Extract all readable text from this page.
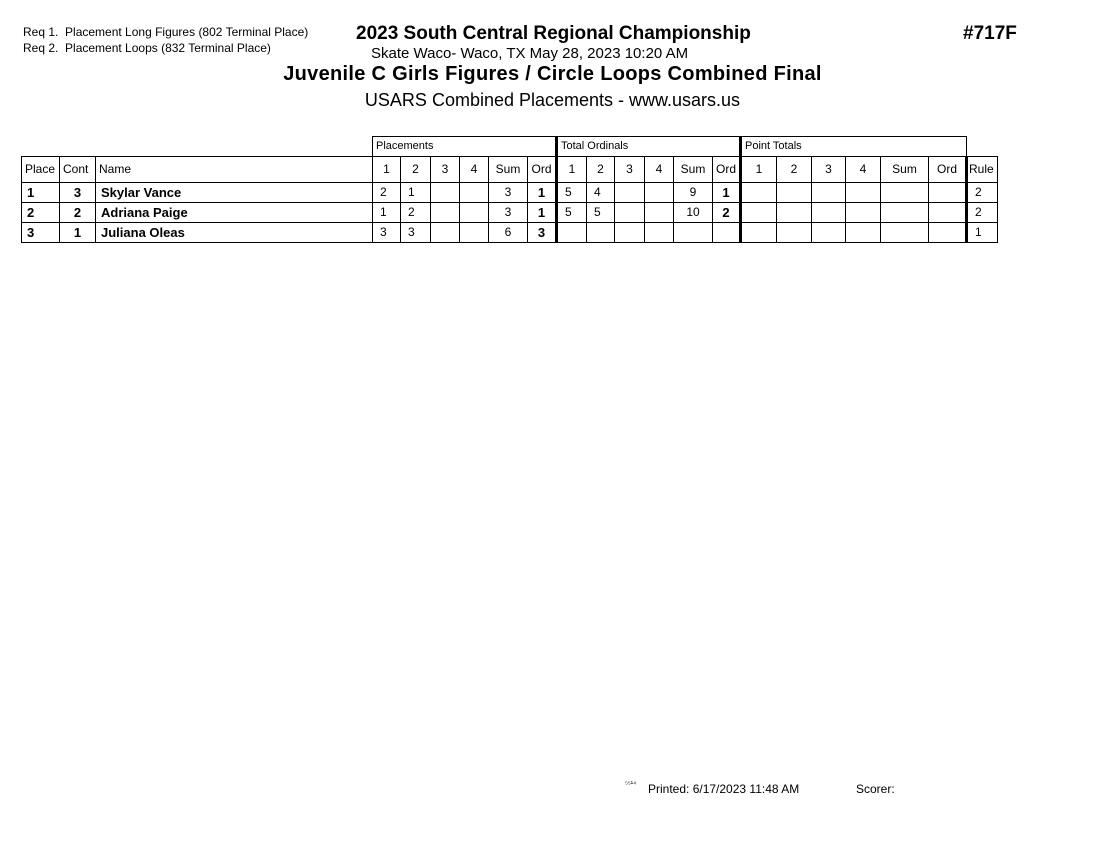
Req 1. Placement Long Figures (802 Terminal Place)
Req 2. Placement Loops (832 Terminal Place)
2023 South Central Regional Championship
Skate Waco- Waco, TX May 28, 2023 10:20 AM
Juvenile C Girls Figures / Circle Loops Combined Final
USARS Combined Placements - www.usars.us
#717F
			Placements						Total Ordinals						Point Totals						
Place	Cont	Name	1	2	3	4	Sum	Ord	1	2	3	4	Sum	Ord	1	2	3	4	Sum	Ord	Rule
1	3	Skylar Vance	2	1			3	1	5	4			9	1							2
2	2	Adriana Paige	1	2			3	1	5	5			10	2							2
3	1	Juliana Oleas	3	3			6	3													1
⁵⁵¹⁴ Printed: 6/17/2023 11:48 AM	Scorer:
